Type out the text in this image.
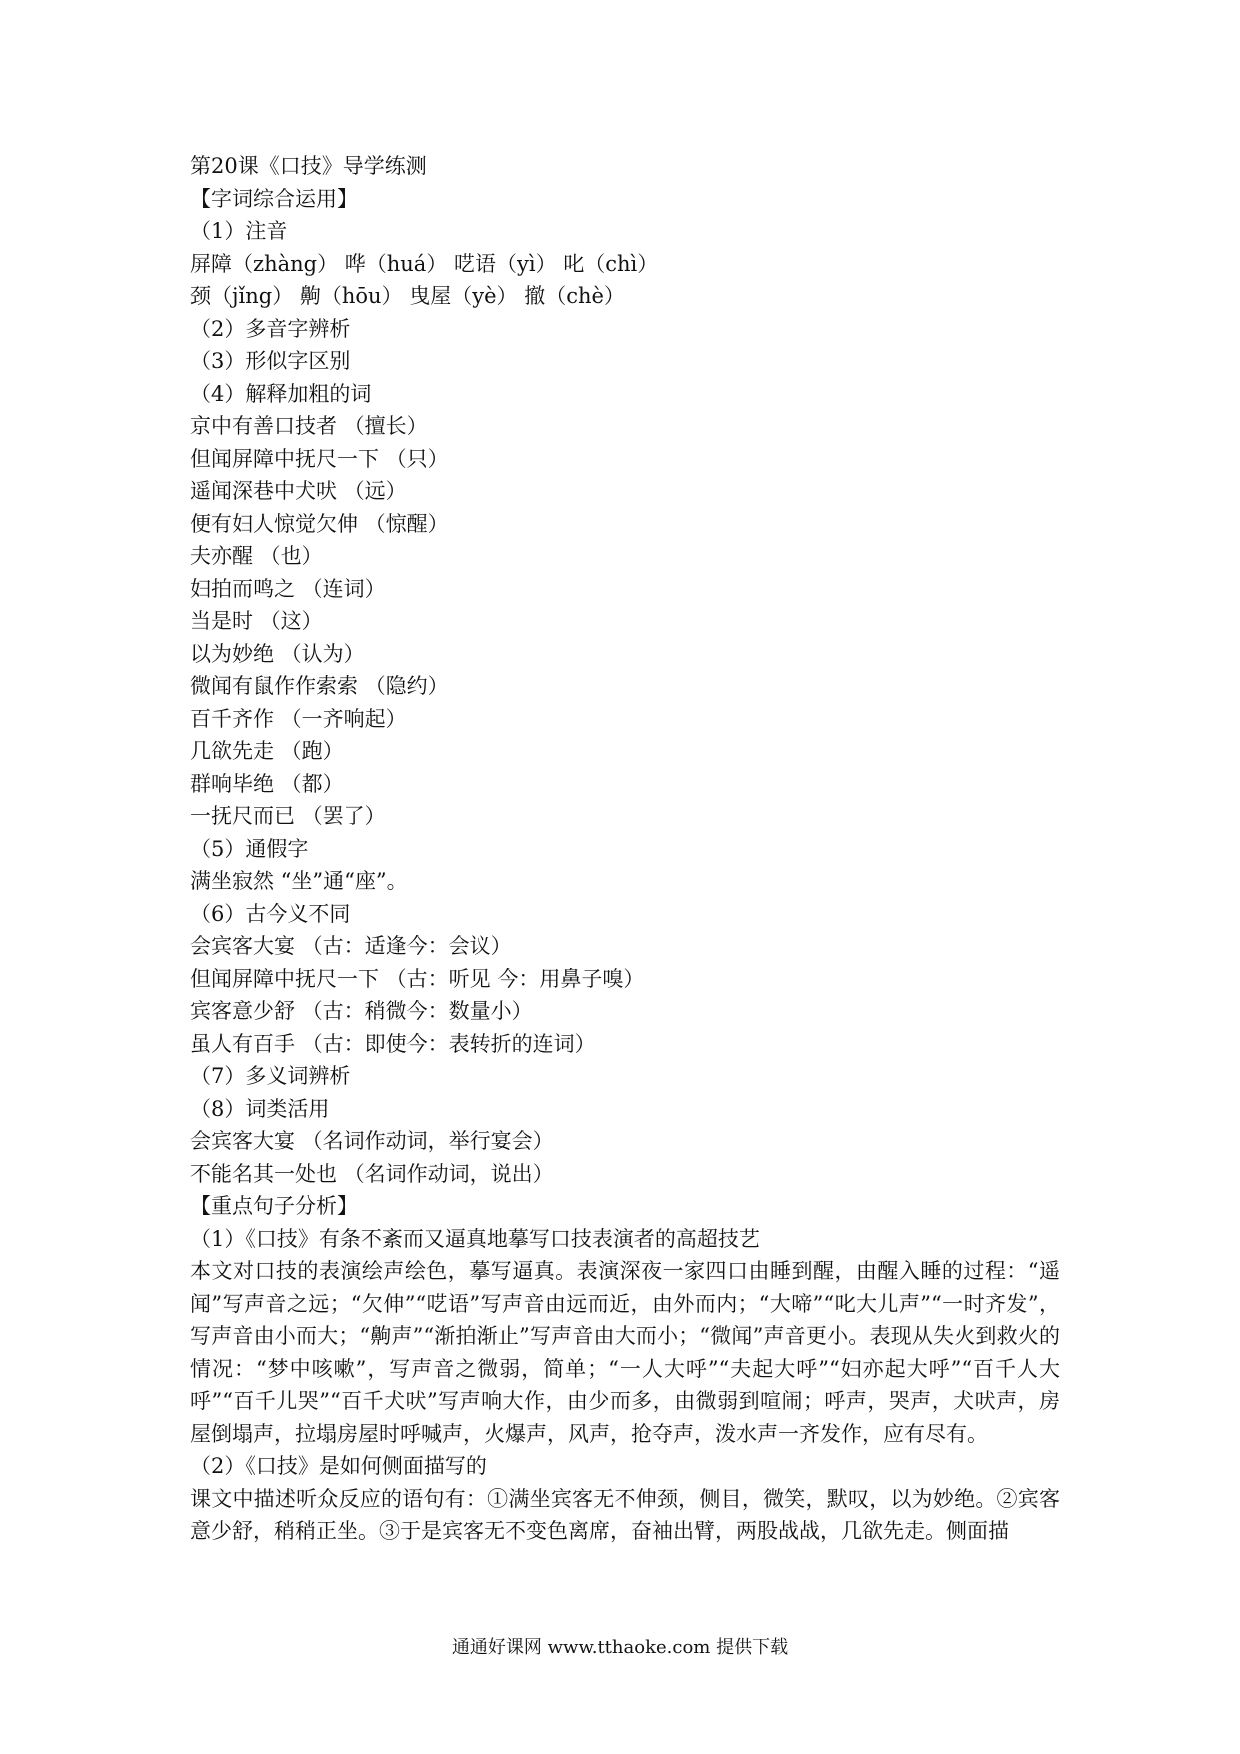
第20课《口技》导学练测
【字词综合运用】
（1）注音
屏障（zhàng） 哗（huá） 呓语（yì） 叱（chì）
颈（jǐng） 齁（hōu） 曳屋（yè） 撤（chè）
（2）多音字辨析
（3）形似字区别
（4）解释加粗的词
京中有善口技者 （擅长）
但闻屏障中抚尺一下 （只）
遥闻深巷中犬吠 （远）
便有妇人惊觉欠伸 （惊醒）
夫亦醒 （也）
妇拍而鸣之 （连词）
当是时 （这）
以为妙绝 （认为）
微闻有鼠作作索索 （隐约）
百千齐作 （一齐响起）
几欲先走 （跑）
群响毕绝 （都）
一抚尺而已 （罢了）
（5）通假字
满坐寂然 “坐”通“座”。
（6）古今义不同
会宾客大宴 （古：适逢今：会议）
但闻屏障中抚尺一下 （古：听见 今：用鼻子嗅）
宾客意少舒 （古：稍微今：数量小）
虽人有百手 （古：即使今：表转折的连词）
（7）多义词辨析
（8）词类活用
会宾客大宴 （名词作动词，举行宴会）
不能名其一处也 （名词作动词，说出）
【重点句子分析】
（1）《口技》有条不紊而又逼真地摹写口技表演者的高超技艺
本文对口技的表演绘声绘色，摹写逼真。表演深夜一家四口由睡到醒，由醒入睡的过程：“遥闻”写声音之远；“欠伸”“呓语”写声音由远而近，由外而内；“大啼”“叱大儿声”“一时齐发”，写声音由小而大；“齁声”“渐拍渐止”写声音由大而小；“微闻”声音更小。表现从失火到救火的情况：“梦中咳嗽”，写声音之微弱，简单；“一人大呼”“夫起大呼”“妇亦起大呼”“百千人大呼”“百千儿哭”“百千犬吠”写声响大作，由少而多，由微弱到喧闹；呼声，哭声，犬吠声，房屋倒塌声，拉塌房屋时呼喊声，火爆声，风声，抢夺声，泼水声一齐发作，应有尽有。
（2）《口技》是如何侧面描写的
课文中描述听众反应的语句有：①满坐宾客无不伸颈，侧目，微笑，默叹，以为妙绝。②宾客意少舒，稍稍正坐。③于是宾客无不变色离席，奋袖出臂，两股战战，几欲先走。侧面描
通通好课网 www.tthaoke.com 提供下载
